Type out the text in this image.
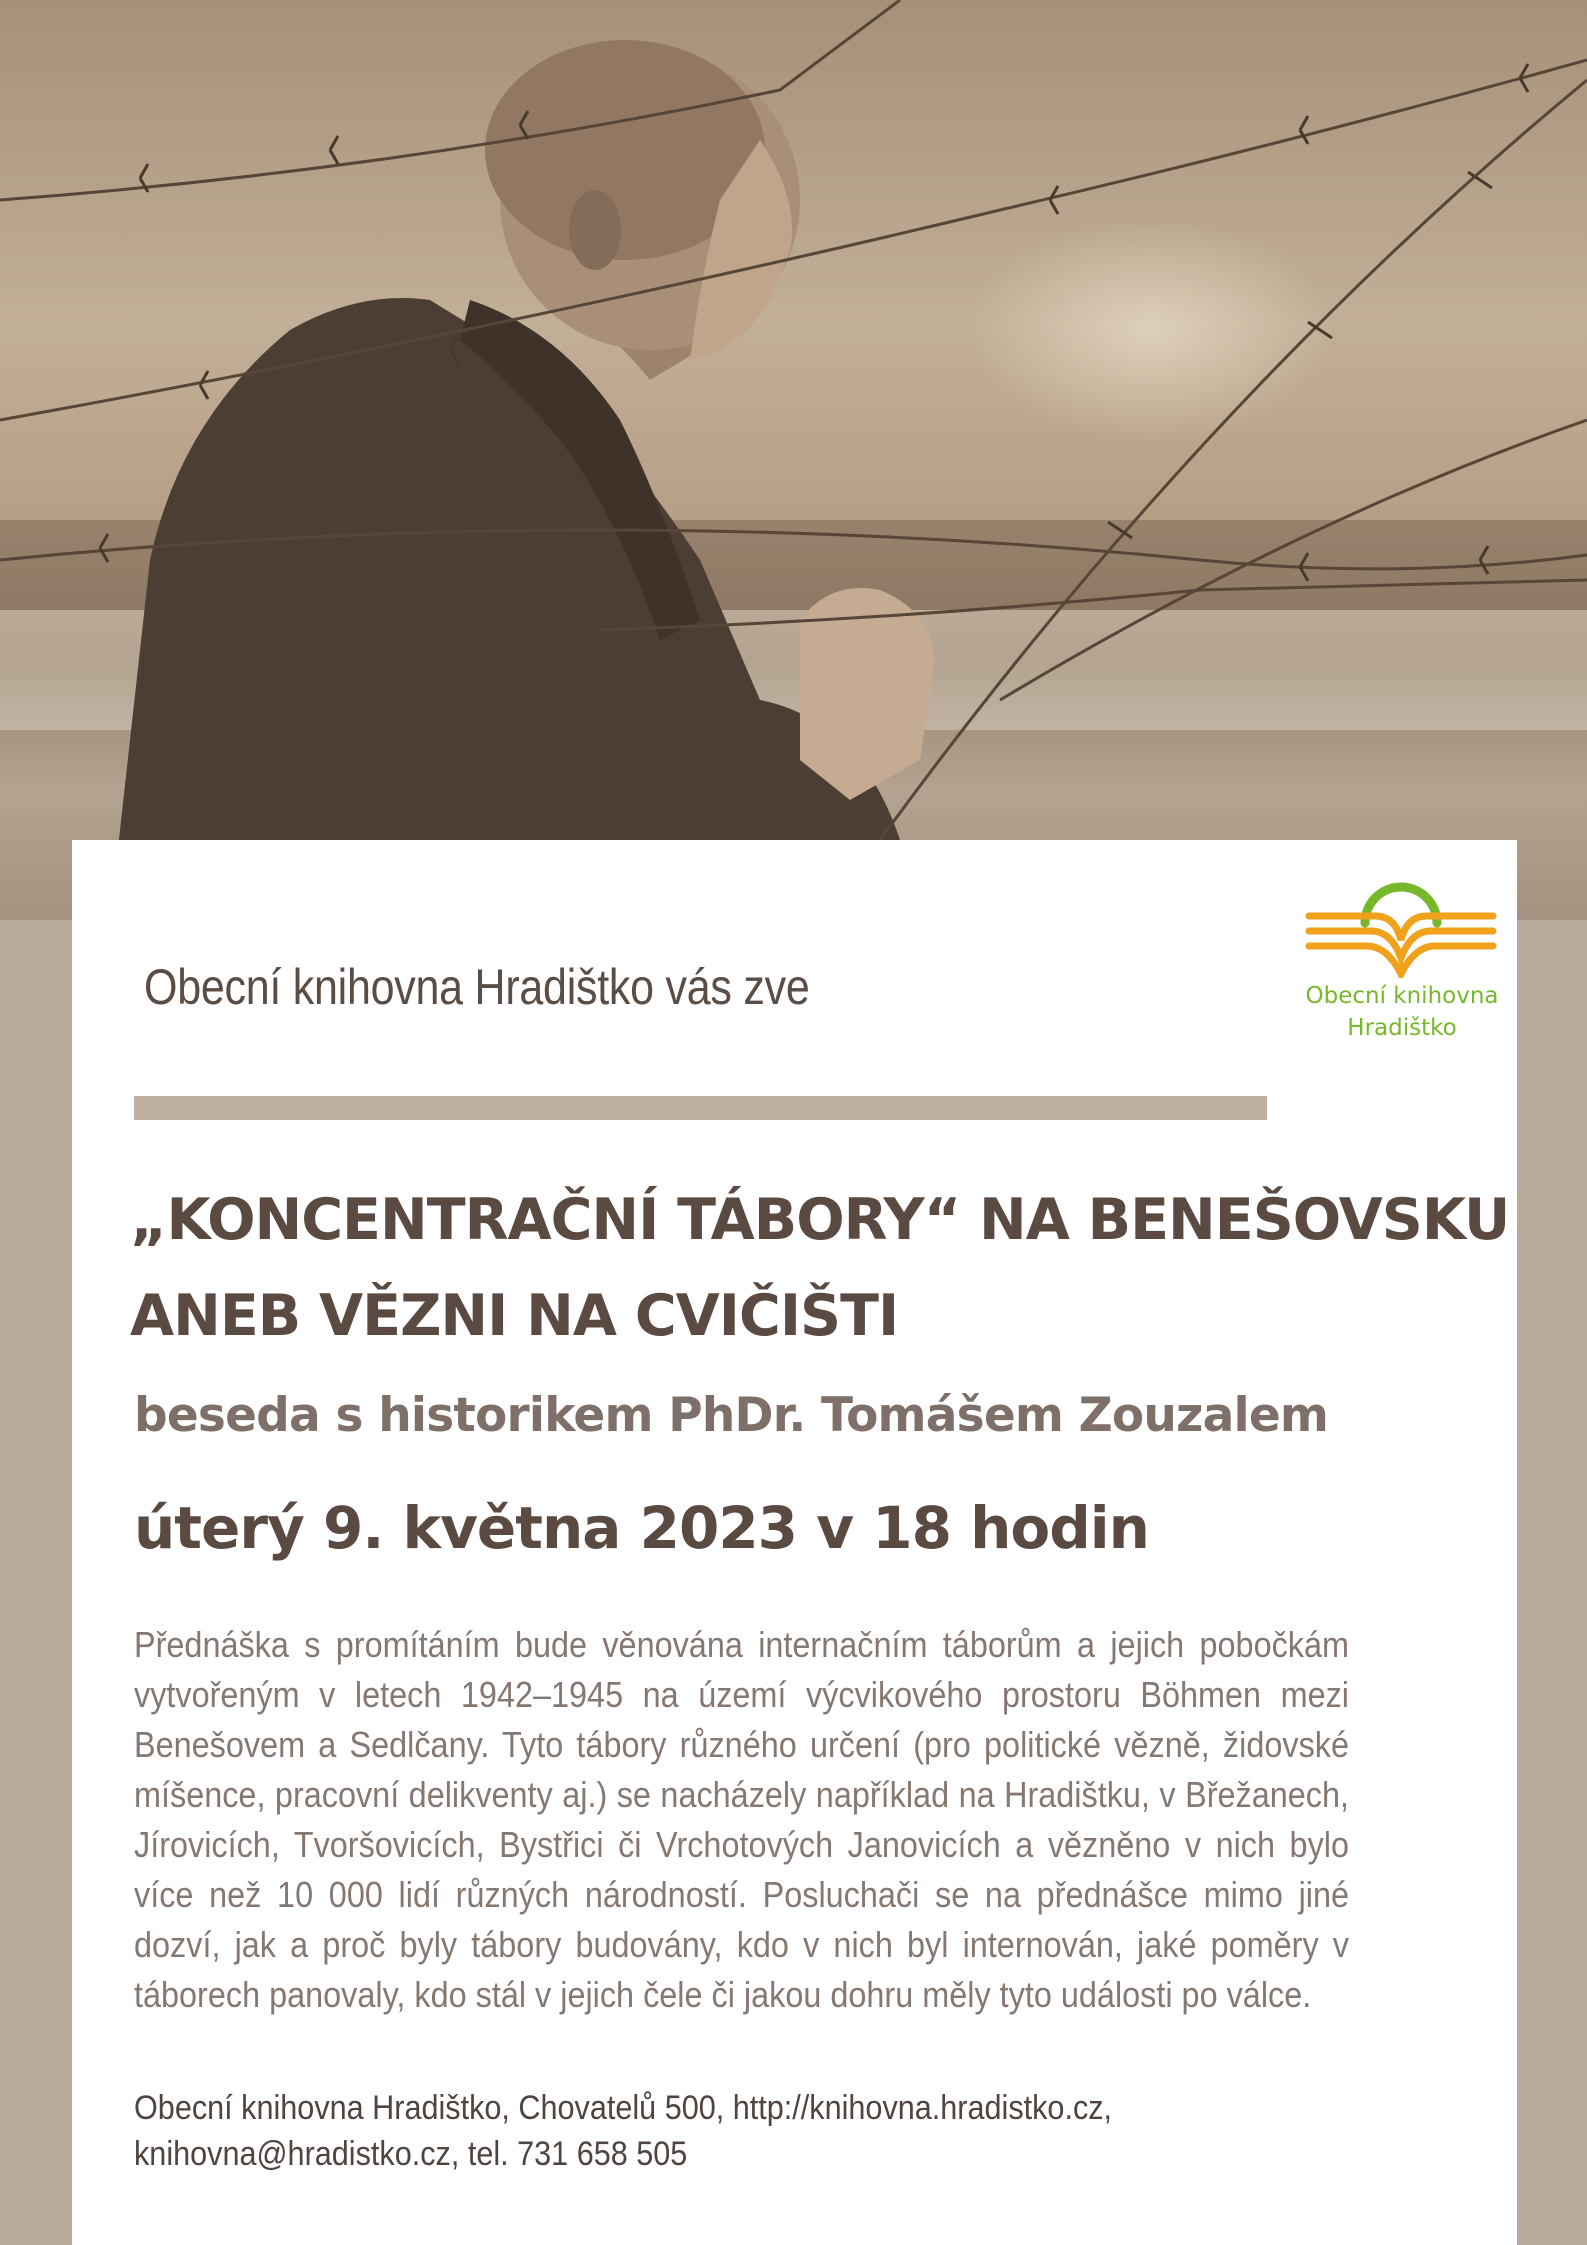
Obecní knihovna Hradištko vás zve	Obecní knihovna
Hradištko
„KONCENTRAČNÍ TÁBORY“ NA BENEŠOVSKU
ANEB VĚZNI NA CVIČIŠTI
beseda s historikem PhDr. Tomášem Zouzalem
úterý 9. května 2023 v 18 hodin
Přednáška s promítáním bude věnována internačním táborům a jejich pobočkám vytvořeným v letech 1942–1945 na území výcvikového prostoru Böhmen mezi Benešovem a Sedlčany. Tyto tábory různého určení (pro politické vězně, židovské míšence, pracovní delikventy aj.) se nacházely například na Hradištku, v Břežanech, Jírovicích, Tvoršovicích, Bystřici či Vrchotových Janovicích a vězněno v nich bylo více než 10 000 lidí různých národností. Posluchači se na přednášce mimo jiné dozví, jak a proč byly tábory budovány, kdo v nich byl internován, jaké poměry v táborech panovaly, kdo stál v jejich čele či jakou dohru měly tyto události po válce.
Obecní knihovna Hradištko, Chovatelů 500, http://knihovna.hradistko.cz,
knihovna@hradistko.cz, tel. 731 658 505
